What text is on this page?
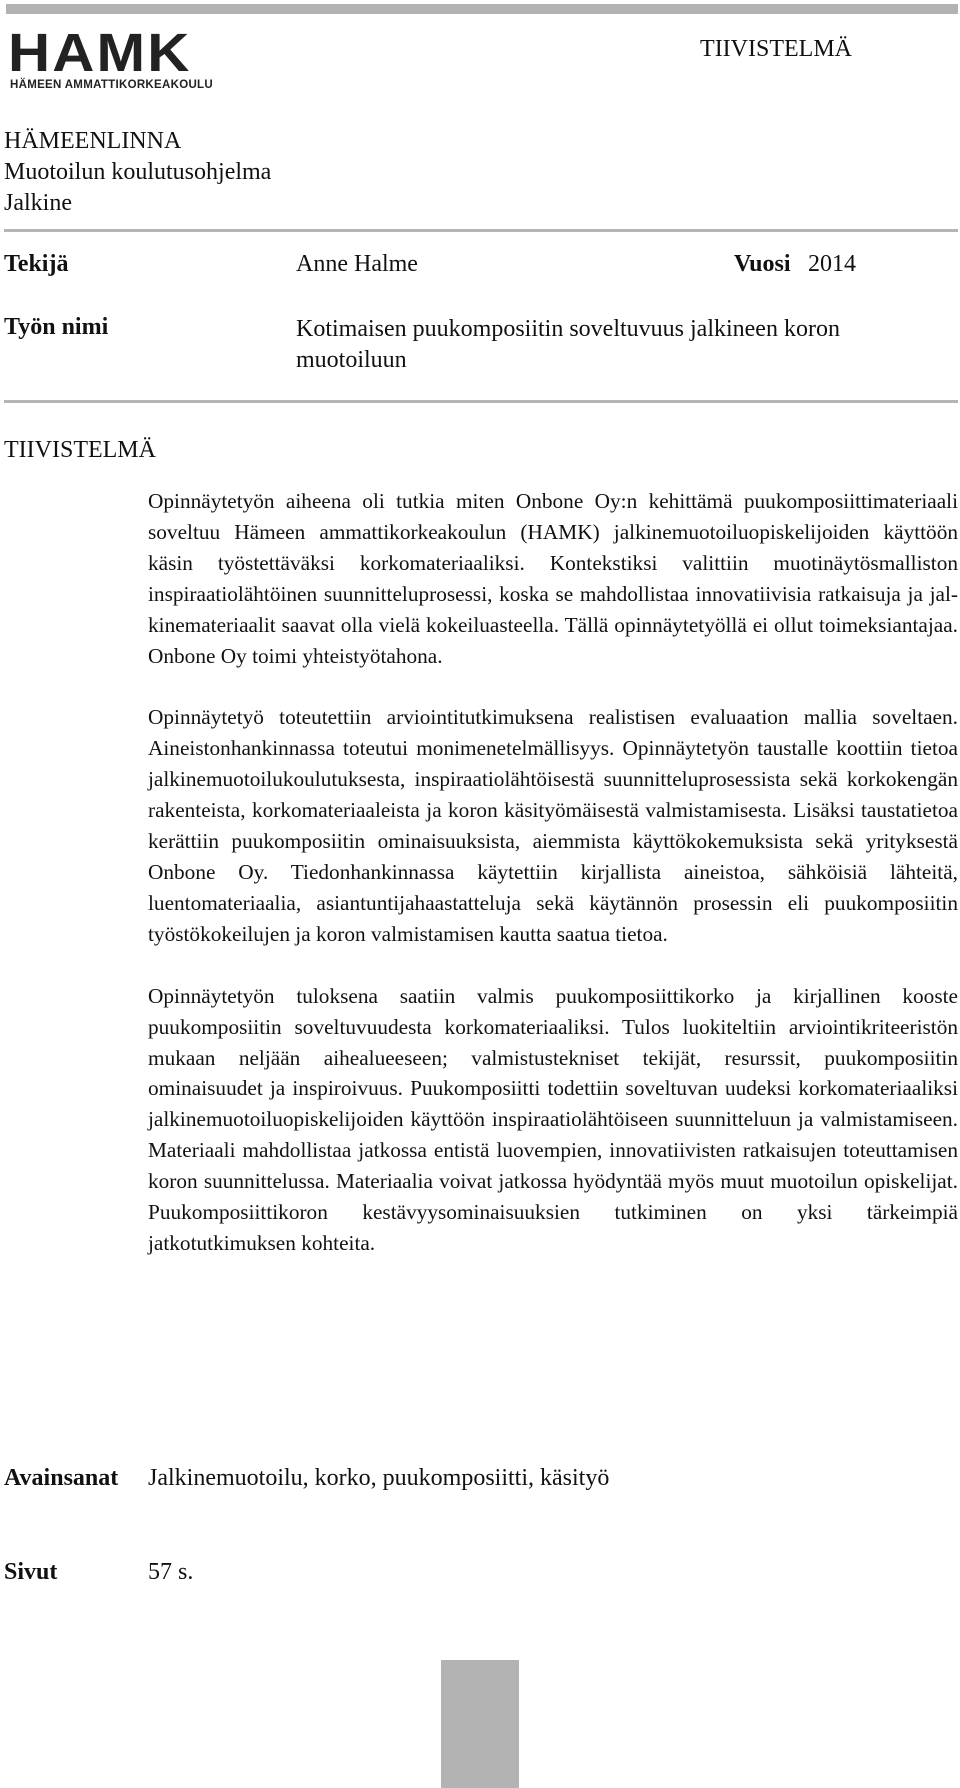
HAMK
HÄMEEN AMMATTIKORKEAKOULU
TIIVISTELMÄ
HÄMEENLINNA
Muotoilun koulutusohjelma
Jalkine
Tekijä	Anne Halme	Vuosi 2014
Työn nimi	Kotimaisen puukomposiitin soveltuvuus jalkineen koron muotoiluun
TIIVISTELMÄ

Opinnäytetyön aiheena oli tutkia miten Onbone Oy:n kehittämä puukomposiittimateriaali soveltuu Hämeen ammattikorkeakoulun (HAMK) jalkinemuotoiluopiskelijoiden käyttöön käsin työstettäväksi korkomateriaaliksi. Kontekstiksi valittiin muotinäytösmalliston inspiraatiolähtöinen suunnitteluprosessi, koska se mahdollistaa innovatiivisia ratkaisuja ja jalkinemateriaalit saavat olla vielä kokeiluasteella. Tällä opinnäytetyöllä ei ollut toimeksiantajaa. Onbone Oy toimi yhteistyötahona.

Opinnäytetyö toteutettiin arviointitutkimuksena realistisen evaluaation mallia soveltaen. Aineistonhankinnassa toteutui monimenetelmällisyys. Opinnäytetyön taustalle koottiin tietoa jalkinemuotoilukoulutuksesta, inspiraatiolähtöisestä suunnitteluprosessista sekä korkokengän rakenteista, korkomateriaaleista ja koron käsityömäisestä valmistamisesta. Lisäksi taustatietoa kerättiin puukomposiitin ominaisuuksista, aiemmista käyttökokemuksista sekä yrityksestä Onbone Oy. Tiedonhankinnassa käytettiin kirjallista aineistoa, sähköisiä lähteitä, luentomateriaalia, asiantuntijahaastatteluja sekä käytännön prosessin eli puukomposiitin työstökokeilujen ja koron valmistamisen kautta saatua tietoa.

Opinnäytetyön tuloksena saatiin valmis puukomposiittikorko ja kirjallinen kooste puukomposiitin soveltuvuudesta korkomateriaaliksi. Tulos luokiteltiin arviointikriteeristön mukaan neljään aihealueeseen; valmistustekniset tekijät, resurssit, puukomposiitin ominaisuudet ja inspiroivuus. Puukomposiitti todettiin soveltuvan uudeksi korkomateriaaliksi jalkinemuotoiluopiskelijoiden käyttöön inspiraatiolähtöiseen suunnitteluun ja valmistamiseen. Materiaali mahdollistaa jatkossa entistä luovempien, innovatiivisten ratkaisujen toteuttamisen koron suunnittelussa. Materiaalia voivat jatkossa hyödyntää myös muut muotoilun opiskelijat. Puukomposiittikoron kestävyysominaisuuksien tutkiminen on yksi tärkeimpiä jatkotutkimuksen kohteita.

Avainsanat Jalkinemuotoilu, korko, puukomposiitti, käsityö
Sivut	57 s.
